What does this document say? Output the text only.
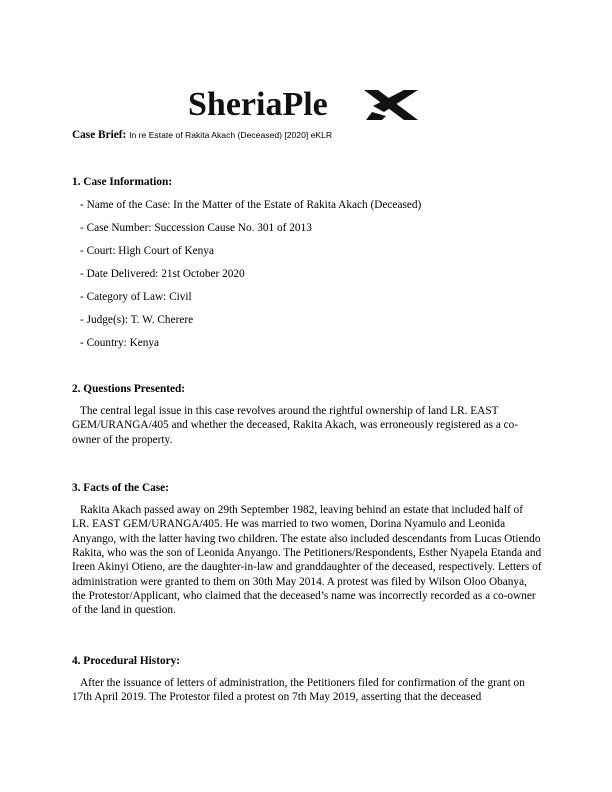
SheriaPle
Case Brief: In re Estate of Rakita Akach (Deceased) [2020] eKLR
1. Case Information:
- Name of the Case: In the Matter of the Estate of Rakita Akach (Deceased)
- Case Number: Succession Cause No. 301 of 2013
- Court: High Court of Kenya
- Date Delivered: 21st October 2020
- Category of Law: Civil
- Judge(s): T. W. Cherere
- Country: Kenya
2. Questions Presented:

The central legal issue in this case revolves around the rightful ownership of land LR. EAST GEM/URANGA/405 and whether the deceased, Rakita Akach, was erroneously registered as a co-owner of the property.

3. Facts of the Case:

Rakita Akach passed away on 29th September 1982, leaving behind an estate that included half of LR. EAST GEM/URANGA/405. He was married to two women, Dorina Nyamulo and Leonida Anyango, with the latter having two children. The estate also included descendants from Lucas Otiendo Rakita, who was the son of Leonida Anyango. The Petitioners/Respondents, Esther Nyapela Etanda and Ireen Akinyi Otieno, are the daughter-in-law and granddaughter of the deceased, respectively. Letters of administration were granted to them on 30th May 2014. A protest was filed by Wilson Oloo Obanya, the Protestor/Applicant, who claimed that the deceased’s name was incorrectly recorded as a co-owner of the land in question.

4. Procedural History:

After the issuance of letters of administration, the Petitioners filed for confirmation of the grant on 17th April 2019. The Protestor filed a protest on 7th May 2019, asserting that the deceased
